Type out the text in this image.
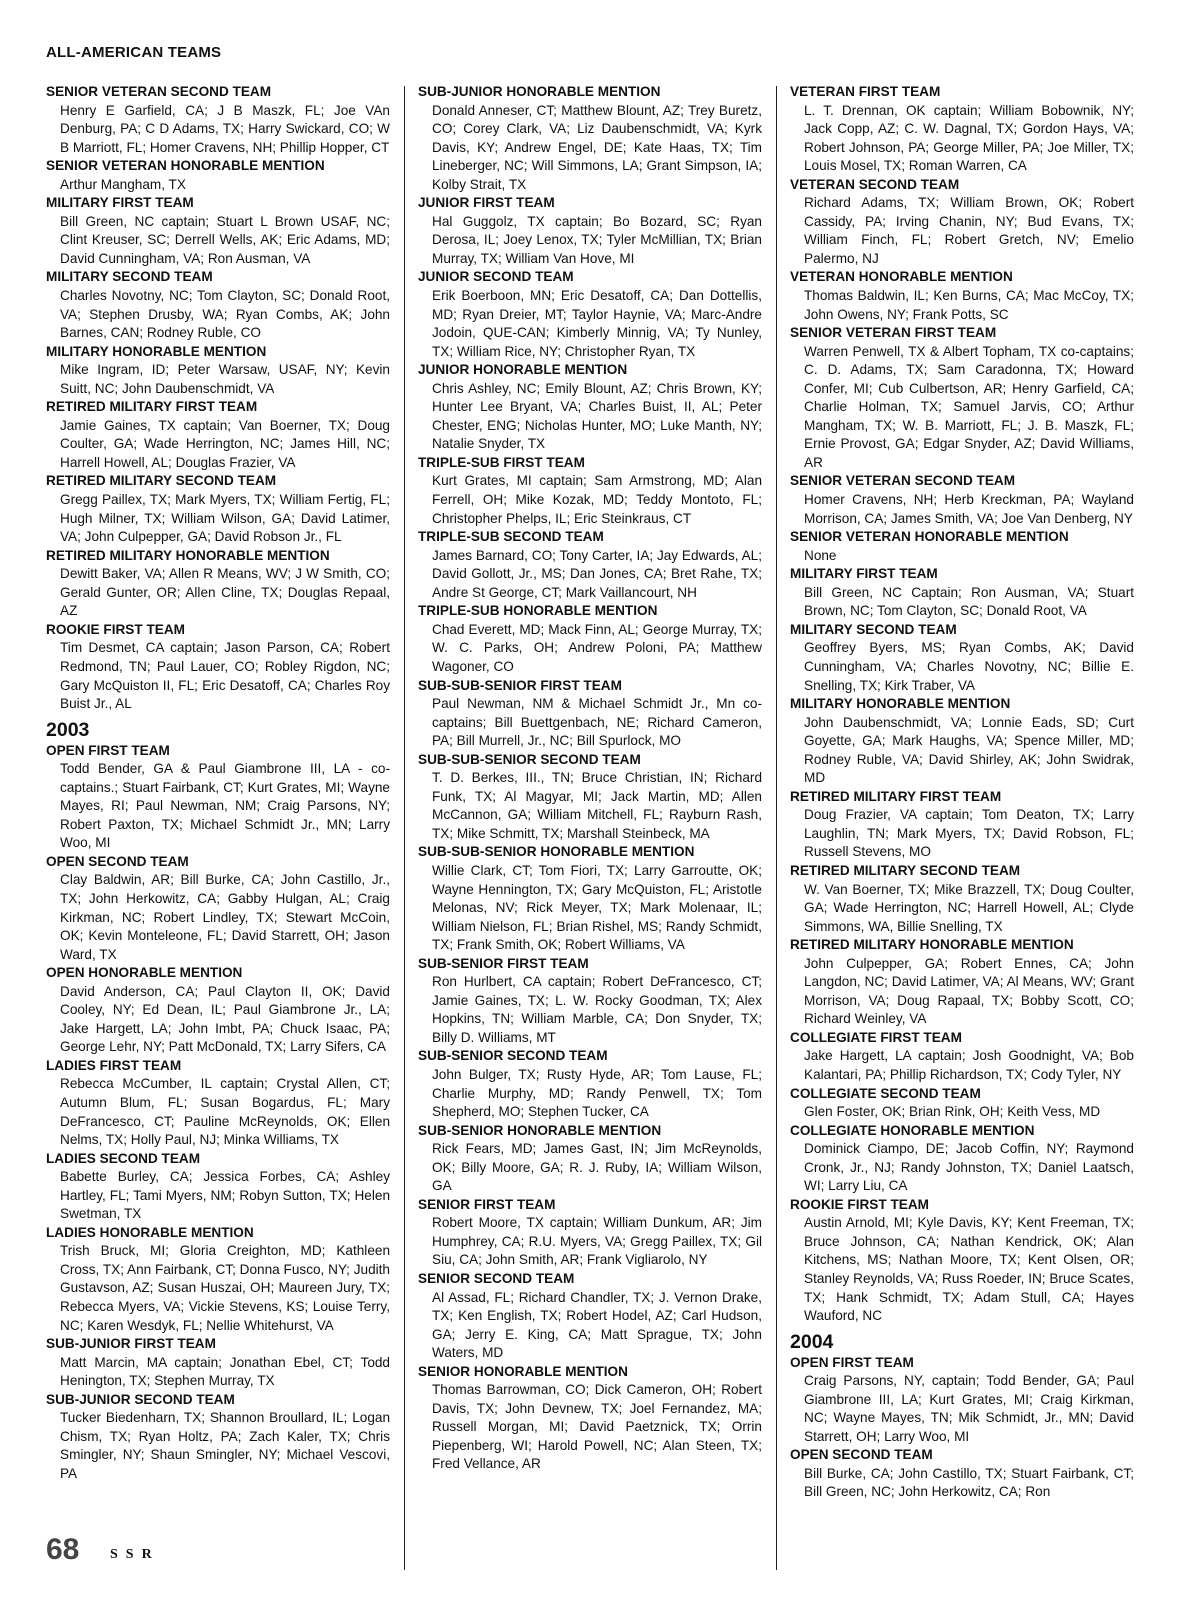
ALL-AMERICAN TEAMS
SENIOR VETERAN SECOND TEAM
Henry E Garfield, CA; J B Maszk, FL; Joe VAn Denburg, PA; C D Adams, TX; Harry Swickard, CO; W B Marriott, FL; Homer Cravens, NH; Phillip Hopper, CT
SENIOR VETERAN HONORABLE MENTION
Arthur Mangham, TX
MILITARY FIRST TEAM
Bill Green, NC captain; Stuart L Brown USAF, NC; Clint Kreuser, SC; Derrell Wells, AK; Eric Adams, MD; David Cunningham, VA; Ron Ausman, VA
MILITARY SECOND TEAM
Charles Novotny, NC; Tom Clayton, SC; Donald Root, VA; Stephen Drusby, WA; Ryan Combs, AK; John Barnes, CAN; Rodney Ruble, CO
MILITARY HONORABLE MENTION
Mike Ingram, ID; Peter Warsaw, USAF, NY; Kevin Suitt, NC; John Daubenschmidt, VA
RETIRED MILITARY FIRST TEAM
Jamie Gaines, TX captain; Van Boerner, TX; Doug Coulter, GA; Wade Herrington, NC; James Hill, NC; Harrell Howell, AL; Douglas Frazier, VA
RETIRED MILITARY SECOND TEAM
Gregg Paillex, TX; Mark Myers, TX; William Fertig, FL; Hugh Milner, TX; William Wilson, GA; David Latimer, VA; John Culpepper, GA; David Robson Jr., FL
RETIRED MILITARY HONORABLE MENTION
Dewitt Baker, VA; Allen R Means, WV; J W Smith, CO; Gerald Gunter, OR; Allen Cline, TX; Douglas Repaal, AZ
ROOKIE FIRST TEAM
Tim Desmet, CA captain; Jason Parson, CA; Robert Redmond, TN; Paul Lauer, CO; Robley Rigdon, NC; Gary McQuiston II, FL; Eric Desatoff, CA; Charles Roy Buist Jr., AL
2003
OPEN FIRST TEAM
Todd Bender, GA & Paul Giambrone III, LA - co-captains.; Stuart Fairbank, CT; Kurt Grates, MI; Wayne Mayes, RI; Paul Newman, NM; Craig Parsons, NY; Robert Paxton, TX; Michael Schmidt Jr., MN; Larry Woo, MI
OPEN SECOND TEAM
Clay Baldwin, AR; Bill Burke, CA; John Castillo, Jr., TX; John Herkowitz, CA; Gabby Hulgan, AL; Craig Kirkman, NC; Robert Lindley, TX; Stewart McCoin, OK; Kevin Monteleone, FL; David Starrett, OH; Jason Ward, TX
OPEN HONORABLE MENTION
David Anderson, CA; Paul Clayton II, OK; David Cooley, NY; Ed Dean, IL; Paul Giambrone Jr., LA; Jake Hargett, LA; John Imbt, PA; Chuck Isaac, PA; George Lehr, NY; Patt McDonald, TX; Larry Sifers, CA
LADIES FIRST TEAM
Rebecca McCumber, IL captain; Crystal Allen, CT; Autumn Blum, FL; Susan Bogardus, FL; Mary DeFrancesco, CT; Pauline McReynolds, OK; Ellen Nelms, TX; Holly Paul, NJ; Minka Williams, TX
LADIES SECOND TEAM
Babette Burley, CA; Jessica Forbes, CA; Ashley Hartley, FL; Tami Myers, NM; Robyn Sutton, TX; Helen Swetman, TX
LADIES HONORABLE MENTION
Trish Bruck, MI; Gloria Creighton, MD; Kathleen Cross, TX; Ann Fairbank, CT; Donna Fusco, NY; Judith Gustavson, AZ; Susan Huszai, OH; Maureen Jury, TX; Rebecca Myers, VA; Vickie Stevens, KS; Louise Terry, NC; Karen Wesdyk, FL; Nellie Whitehurst, VA
SUB-JUNIOR FIRST TEAM
Matt Marcin, MA captain; Jonathan Ebel, CT; Todd Henington, TX; Stephen Murray, TX
SUB-JUNIOR SECOND TEAM
Tucker Biedenharn, TX; Shannon Broullard, IL; Logan Chism, TX; Ryan Holtz, PA; Zach Kaler, TX; Chris Smingler, NY; Shaun Smingler, NY; Michael Vescovi, PA
SUB-JUNIOR HONORABLE MENTION
Donald Anneser, CT; Matthew Blount, AZ; Trey Buretz, CO; Corey Clark, VA; Liz Daubenschmidt, VA; Kyrk Davis, KY; Andrew Engel, DE; Kate Haas, TX; Tim Lineberger, NC; Will Simmons, LA; Grant Simpson, IA; Kolby Strait, TX
JUNIOR FIRST TEAM
Hal Guggolz, TX captain; Bo Bozard, SC; Ryan Derosa, IL; Joey Lenox, TX; Tyler McMillian, TX; Brian Murray, TX; William Van Hove, MI
JUNIOR SECOND TEAM
Erik Boerboon, MN; Eric Desatoff, CA; Dan Dottellis, MD; Ryan Dreier, MT; Taylor Haynie, VA; Marc-Andre Jodoin, QUE-CAN; Kimberly Minnig, VA; Ty Nunley, TX; William Rice, NY; Christopher Ryan, TX
JUNIOR HONORABLE MENTION
Chris Ashley, NC; Emily Blount, AZ; Chris Brown, KY; Hunter Lee Bryant, VA; Charles Buist, II, AL; Peter Chester, ENG; Nicholas Hunter, MO; Luke Manth, NY; Natalie Snyder, TX
TRIPLE-SUB FIRST TEAM
Kurt Grates, MI captain; Sam Armstrong, MD; Alan Ferrell, OH; Mike Kozak, MD; Teddy Montoto, FL; Christopher Phelps, IL; Eric Steinkraus, CT
TRIPLE-SUB SECOND TEAM
James Barnard, CO; Tony Carter, IA; Jay Edwards, AL; David Gollott, Jr., MS; Dan Jones, CA; Bret Rahe, TX; Andre St George, CT; Mark Vaillancourt, NH
TRIPLE-SUB HONORABLE MENTION
Chad Everett, MD; Mack Finn, AL; George Murray, TX; W. C. Parks, OH; Andrew Poloni, PA; Matthew Wagoner, CO
SUB-SUB-SENIOR FIRST TEAM
Paul Newman, NM & Michael Schmidt Jr., Mn co-captains; Bill Buettgenbach, NE; Richard Cameron, PA; Bill Murrell, Jr., NC; Bill Spurlock, MO
SUB-SUB-SENIOR SECOND TEAM
T. D. Berkes, III., TN; Bruce Christian, IN; Richard Funk, TX; Al Magyar, MI; Jack Martin, MD; Allen McCannon, GA; William Mitchell, FL; Rayburn Rash, TX; Mike Schmitt, TX; Marshall Steinbeck, MA
SUB-SUB-SENIOR HONORABLE MENTION
Willie Clark, CT; Tom Fiori, TX; Larry Garroutte, OK; Wayne Hennington, TX; Gary McQuiston, FL; Aristotle Melonas, NV; Rick Meyer, TX; Mark Molenaar, IL; William Nielson, FL; Brian Rishel, MS; Randy Schmidt, TX; Frank Smith, OK; Robert Williams, VA
SUB-SENIOR FIRST TEAM
Ron Hurlbert, CA captain; Robert DeFrancesco, CT; Jamie Gaines, TX; L. W. Rocky Goodman, TX; Alex Hopkins, TN; William Marble, CA; Don Snyder, TX; Billy D. Williams, MT
SUB-SENIOR SECOND TEAM
John Bulger, TX; Rusty Hyde, AR; Tom Lause, FL; Charlie Murphy, MD; Randy Penwell, TX; Tom Shepherd, MO; Stephen Tucker, CA
SUB-SENIOR HONORABLE MENTION
Rick Fears, MD; James Gast, IN; Jim McReynolds, OK; Billy Moore, GA; R. J. Ruby, IA; William Wilson, GA
SENIOR FIRST TEAM
Robert Moore, TX captain; William Dunkum, AR; Jim Humphrey, CA; R.U. Myers, VA; Gregg Paillex, TX; Gil Siu, CA; John Smith, AR; Frank Vigliarolo, NY
SENIOR SECOND TEAM
Al Assad, FL; Richard Chandler, TX; J. Vernon Drake, TX; Ken English, TX; Robert Hodel, AZ; Carl Hudson, GA; Jerry E. King, CA; Matt Sprague, TX; John Waters, MD
SENIOR HONORABLE MENTION
Thomas Barrowman, CO; Dick Cameron, OH; Robert Davis, TX; John Devnew, TX; Joel Fernandez, MA; Russell Morgan, MI; David Paetznick, TX; Orrin Piepenberg, WI; Harold Powell, NC; Alan Steen, TX; Fred Vellance, AR
VETERAN FIRST TEAM
L. T. Drennan, OK captain; William Bobownik, NY; Jack Copp, AZ; C. W. Dagnal, TX; Gordon Hays, VA; Robert Johnson, PA; George Miller, PA; Joe Miller, TX; Louis Mosel, TX; Roman Warren, CA
VETERAN SECOND TEAM
Richard Adams, TX; William Brown, OK; Robert Cassidy, PA; Irving Chanin, NY; Bud Evans, TX; William Finch, FL; Robert Gretch, NV; Emelio Palermo, NJ
VETERAN HONORABLE MENTION
Thomas Baldwin, IL; Ken Burns, CA; Mac McCoy, TX; John Owens, NY; Frank Potts, SC
SENIOR VETERAN FIRST TEAM
Warren Penwell, TX & Albert Topham, TX co-captains; C. D. Adams, TX; Sam Caradonna, TX; Howard Confer, MI; Cub Culbertson, AR; Henry Garfield, CA; Charlie Holman, TX; Samuel Jarvis, CO; Arthur Mangham, TX; W. B. Marriott, FL; J. B. Maszk, FL; Ernie Provost, GA; Edgar Snyder, AZ; David Williams, AR
SENIOR VETERAN SECOND TEAM
Homer Cravens, NH; Herb Kreckman, PA; Wayland Morrison, CA; James Smith, VA; Joe Van Denberg, NY
SENIOR VETERAN HONORABLE MENTION
None
MILITARY FIRST TEAM
Bill Green, NC Captain; Ron Ausman, VA; Stuart Brown, NC; Tom Clayton, SC; Donald Root, VA
MILITARY SECOND TEAM
Geoffrey Byers, MS; Ryan Combs, AK; David Cunningham, VA; Charles Novotny, NC; Billie E. Snelling, TX; Kirk Traber, VA
MILITARY HONORABLE MENTION
John Daubenschmidt, VA; Lonnie Eads, SD; Curt Goyette, GA; Mark Haughs, VA; Spence Miller, MD; Rodney Ruble, VA; David Shirley, AK; John Swidrak, MD
RETIRED MILITARY FIRST TEAM
Doug Frazier, VA captain; Tom Deaton, TX; Larry Laughlin, TN; Mark Myers, TX; David Robson, FL; Russell Stevens, MO
RETIRED MILITARY SECOND TEAM
W. Van Boerner, TX; Mike Brazzell, TX; Doug Coulter, GA; Wade Herrington, NC; Harrell Howell, AL; Clyde Simmons, WA, Billie Snelling, TX
RETIRED MILITARY HONORABLE MENTION
John Culpepper, GA; Robert Ennes, CA; John Langdon, NC; David Latimer, VA; Al Means, WV; Grant Morrison, VA; Doug Rapaal, TX; Bobby Scott, CO; Richard Weinley, VA
COLLEGIATE FIRST TEAM
Jake Hargett, LA captain; Josh Goodnight, VA; Bob Kalantari, PA; Phillip Richardson, TX; Cody Tyler, NY
COLLEGIATE SECOND TEAM
Glen Foster, OK; Brian Rink, OH; Keith Vess, MD
COLLEGIATE HONORABLE MENTION
Dominick Ciampo, DE; Jacob Coffin, NY; Raymond Cronk, Jr., NJ; Randy Johnston, TX; Daniel Laatsch, WI; Larry Liu, CA
ROOKIE FIRST TEAM
Austin Arnold, MI; Kyle Davis, KY; Kent Freeman, TX; Bruce Johnson, CA; Nathan Kendrick, OK; Alan Kitchens, MS; Nathan Moore, TX; Kent Olsen, OR; Stanley Reynolds, VA; Russ Roeder, IN; Bruce Scates, TX; Hank Schmidt, TX; Adam Stull, CA; Hayes Wauford, NC
2004
OPEN FIRST TEAM
Craig Parsons, NY, captain; Todd Bender, GA; Paul Giambrone III, LA; Kurt Grates, MI; Craig Kirkman, NC; Wayne Mayes, TN; Mik Schmidt, Jr., MN; David Starrett, OH; Larry Woo, MI
OPEN SECOND TEAM
Bill Burke, CA; John Castillo, TX; Stuart Fairbank, CT; Bill Green, NC; John Herkowitz, CA; Ron
68 SSR
